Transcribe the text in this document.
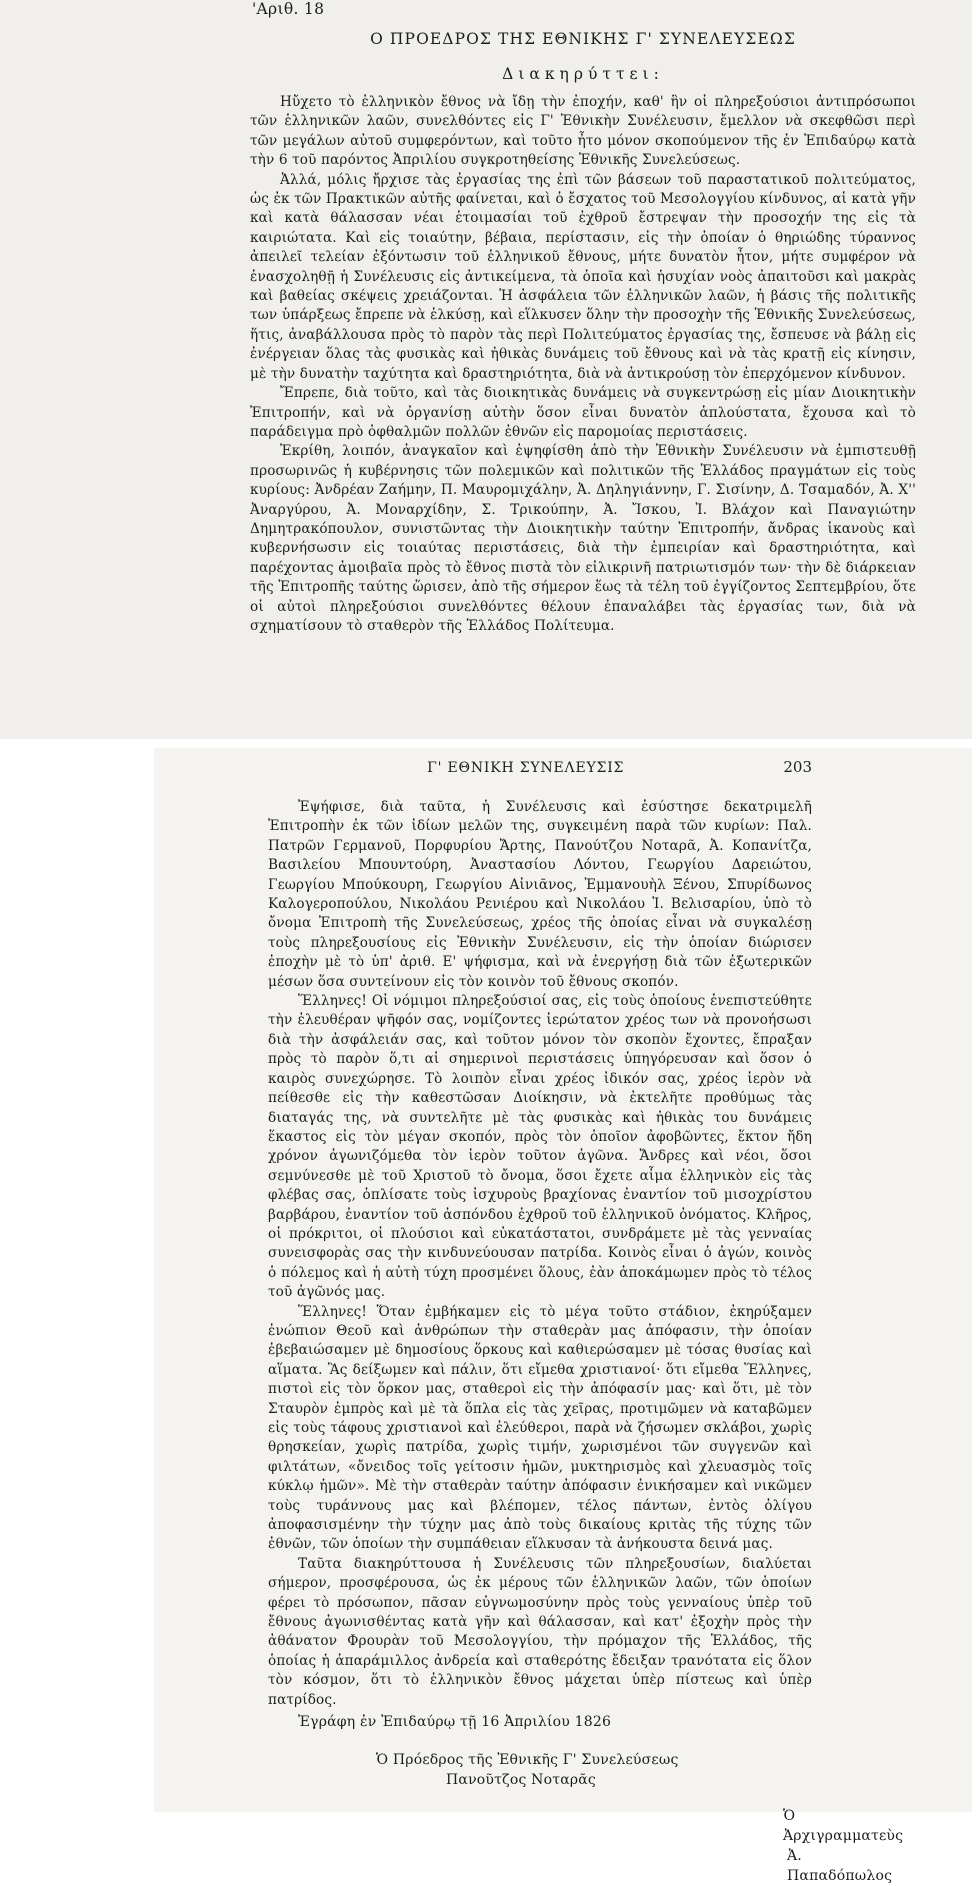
'Αριθ. 18
Ο ΠΡΟΕΔΡΟΣ ΤΗΣ ΕΘΝΙΚΗΣ Γ' ΣΥΝΕΛΕΥΣΕΩΣ
Διακηρύττει:

Ηὔχετο τὸ ἑλληνικὸν ἔθνος νὰ ἴδῃ τὴν ἐποχήν, καθ' ἣν οἱ πληρεξούσιοι ἀντιπρόσωποι τῶν ἑλληνικῶν λαῶν, συνελθόντες εἰς Γ' Ἐθνικὴν Συνέλευσιν, ἔμελλον νὰ σκεφθῶσι περὶ τῶν μεγάλων αὐτοῦ συμφερόντων, καὶ τοῦτο ἦτο μόνον σκοπούμενον τῆς ἐν Ἐπιδαύρῳ κατὰ τὴν 6 τοῦ παρόντος Ἀπριλίου συγκροτηθείσης Ἐθνικῆς Συνελεύσεως.

Ἀλλά, μόλις ἤρχισε τὰς ἐργασίας της ἐπὶ τῶν βάσεων τοῦ παραστατικοῦ πολιτεύματος, ὡς ἐκ τῶν Πρακτικῶν αὐτῆς φαίνεται, καὶ ὁ ἔσχατος τοῦ Μεσολογγίου κίνδυνος, αἱ κατὰ γῆν καὶ κατὰ θάλασσαν νέαι ἑτοιμασίαι τοῦ ἐχθροῦ ἔστρεψαν τὴν προσοχήν της εἰς τὰ καιριώτατα. Καὶ εἰς τοιαύτην, βέβαια, περίστασιν, εἰς τὴν ὁποίαν ὁ θηριώδης τύραννος ἀπειλεῖ τελείαν ἐξόντωσιν τοῦ ἑλληνικοῦ ἔθνους, μήτε δυνατὸν ἦτον, μήτε συμφέρον νὰ ἐνασχοληθῇ ἡ Συνέλευσις εἰς ἀντικείμενα, τὰ ὁποῖα καὶ ἡσυχίαν νοὸς ἀπαιτοῦσι καὶ μακρὰς καὶ βαθείας σκέψεις χρειάζονται. Ἡ ἀσφάλεια τῶν ἑλληνικῶν λαῶν, ἡ βάσις τῆς πολιτικῆς των ὑπάρξεως ἔπρεπε νὰ ἑλκύσῃ, καὶ εἵλκυσεν ὅλην τὴν προσοχὴν τῆς Ἐθνικῆς Συνελεύσεως, ἥτις, ἀναβάλλουσα πρὸς τὸ παρὸν τὰς περὶ Πολιτεύματος ἐργασίας της, ἔσπευσε νὰ βάλῃ εἰς ἐνέργειαν ὅλας τὰς φυσικὰς καὶ ἠθικὰς δυνάμεις τοῦ ἔθνους καὶ νὰ τὰς κρατῇ εἰς κίνησιν, μὲ τὴν δυνατὴν ταχύτητα καὶ δραστηριότητα, διὰ νὰ ἀντικρούσῃ τὸν ἐπερχόμενον κίνδυνον.

Ἔπρεπε, διὰ τοῦτο, καὶ τὰς διοικητικὰς δυνάμεις νὰ συγκεντρώσῃ εἰς μίαν Διοικητικὴν Ἐπιτροπήν, καὶ νὰ ὀργανίσῃ αὐτὴν ὅσον εἶναι δυνατὸν ἁπλούστατα, ἔχουσα καὶ τὸ παράδειγμα πρὸ ὀφθαλμῶν πολλῶν ἐθνῶν εἰς παρομοίας περιστάσεις.

Ἐκρίθη, λοιπόν, ἀναγκαῖον καὶ ἐψηφίσθη ἀπὸ τὴν Ἐθνικὴν Συνέλευσιν νὰ ἐμπιστευθῇ προσωρινῶς ἡ κυβέρνησις τῶν πολεμικῶν καὶ πολιτικῶν τῆς Ἑλλάδος πραγμάτων εἰς τοὺς κυρίους: Ἀνδρέαν Ζαήμην, Π. Μαυρομιχάλην, Ἀ. Δηληγιάννην, Γ. Σισίνην, Δ. Τσαμαδόν, Ἀ. Χ'' Ἀναργύρου, Ἀ. Μοναρχίδην, Σ. Τρικούπην, Ἀ. Ἴσκου, Ἰ. Βλάχον καὶ Παναγιώτην Δημητρακόπουλον, συνιστῶντας τὴν Διοικητικὴν ταύτην Ἐπιτροπήν, ἄνδρας ἱκανοὺς καὶ κυβερνήσωσιν εἰς τοιαύτας περιστάσεις, διὰ τὴν ἐμπειρίαν καὶ δραστηριότητα, καὶ παρέχοντας ἀμοιβαῖα πρὸς τὸ ἔθνος πιστὰ τὸν εἰλικρινῆ πατριωτισμόν των· τὴν δὲ διάρκειαν τῆς Ἐπιτροπῆς ταύτης ὥρισεν, ἀπὸ τῆς σήμερον ἕως τὰ τέλη τοῦ ἐγγίζοντος Σεπτεμβρίου, ὅτε οἱ αὐτοὶ πληρεξούσιοι συνελθόντες θέλουν ἐπαναλάβει τὰς ἐργασίας των, διὰ νὰ σχηματίσουν τὸ σταθερὸν τῆς Ἑλλάδος Πολίτευμα.

Γ' ΕΘΝΙΚΗ ΣΥΝΕΛΕΥΣΙΣ	203

Ἐψήφισε, διὰ ταῦτα, ἡ Συνέλευσις καὶ ἐσύστησε δεκατριμελῆ Ἐπιτροπὴν ἐκ τῶν ἰδίων μελῶν της, συγκειμένη παρὰ τῶν κυρίων: Παλ. Πατρῶν Γερμανοῦ, Πορφυρίου Ἄρτης, Πανούτζου Νοταρᾶ, Ἀ. Κοπανίτζα, Βασιλείου Μπουντούρη, Ἀναστασίου Λόντου, Γεωργίου Δαρειώτου, Γεωργίου Μπούκουρη, Γεωργίου Αἰνιᾶνος, Ἐμμανουὴλ Ξένου, Σπυρίδωνος Καλογεροπούλου, Νικολάου Ρενιέρου καὶ Νικολάου Ἰ. Βελισαρίου, ὑπὸ τὸ ὄνομα Ἐπιτροπὴ τῆς Συνελεύσεως, χρέος τῆς ὁποίας εἶναι νὰ συγκαλέσῃ τοὺς πληρεξουσίους εἰς Ἐθνικὴν Συνέλευσιν, εἰς τὴν ὁποίαν διώρισεν ἐποχὴν μὲ τὸ ὑπ' ἀριθ. Ε' ψήφισμα, καὶ νὰ ἐνεργήσῃ διὰ τῶν ἐξωτερικῶν μέσων ὅσα συντείνουν εἰς τὸν κοινὸν τοῦ ἔθνους σκοπόν.

Ἕλληνες! Οἱ νόμιμοι πληρεξούσιοί σας, εἰς τοὺς ὁποίους ἐνεπιστεύθητε τὴν ἐλευθέραν ψῆφόν σας, νομίζοντες ἱερώτατον χρέος των νὰ προνοήσωσι διὰ τὴν ἀσφάλειάν σας, καὶ τοῦτον μόνον τὸν σκοπὸν ἔχοντες, ἔπραξαν πρὸς τὸ παρὸν ὅ,τι αἱ σημερινοὶ περιστάσεις ὑπηγόρευσαν καὶ ὅσον ὁ καιρὸς συνεχώρησε. Τὸ λοιπὸν εἶναι χρέος ἰδικόν σας, χρέος ἱερὸν νὰ πείθεσθε εἰς τὴν καθεστῶσαν Διοίκησιν, νὰ ἐκτελῆτε προθύμως τὰς διαταγάς της, νὰ συντελῆτε μὲ τὰς φυσικὰς καὶ ἠθικὰς του δυνάμεις ἕκαστος εἰς τὸν μέγαν σκοπόν, πρὸς τὸν ὁποῖον ἀφοβῶντες, ἕκτον ἤδη χρόνον ἀγωνιζόμεθα τὸν ἱερὸν τοῦτον ἀγῶνα. Ἄνδρες καὶ νέοι, ὅσοι σεμνύνεσθε μὲ τοῦ Χριστοῦ τὸ ὄνομα, ὅσοι ἔχετε αἷμα ἑλληνικὸν εἰς τὰς φλέβας σας, ὁπλίσατε τοὺς ἰσχυροὺς βραχίονας ἐναντίον τοῦ μισοχρίστου βαρβάρου, ἐναντίον τοῦ ἀσπόνδου ἐχθροῦ τοῦ ἑλληνικοῦ ὀνόματος. Κλῆρος, οἱ πρόκριτοι, οἱ πλούσιοι καὶ εὐκατάστατοι, συνδράμετε μὲ τὰς γενναίας συνεισφορὰς σας τὴν κινδυνεύουσαν πατρίδα. Κοινὸς εἶναι ὁ ἀγών, κοινὸς ὁ πόλεμος καὶ ἡ αὐτὴ τύχη προσμένει ὅλους, ἐὰν ἀποκάμωμεν πρὸς τὸ τέλος τοῦ ἀγῶνός μας.

Ἕλληνες! Ὅταν ἐμβήκαμεν εἰς τὸ μέγα τοῦτο στάδιον, ἐκηρύξαμεν ἐνώπιον Θεοῦ καὶ ἀνθρώπων τὴν σταθερὰν μας ἀπόφασιν, τὴν ὁποίαν ἐβεβαιώσαμεν μὲ δημοσίους ὅρκους καὶ καθιερώσαμεν μὲ τόσας θυσίας καὶ αἵματα. Ἂς δείξωμεν καὶ πάλιν, ὅτι εἴμεθα χριστιανοί· ὅτι εἴμεθα Ἕλληνες, πιστοὶ εἰς τὸν ὅρκον μας, σταθεροὶ εἰς τὴν ἀπόφασίν μας· καὶ ὅτι, μὲ τὸν Σταυρὸν ἐμπρὸς καὶ μὲ τὰ ὅπλα εἰς τὰς χεῖρας, προτιμῶμεν νὰ καταβῶμεν εἰς τοὺς τάφους χριστιανοὶ καὶ ἐλεύθεροι, παρὰ νὰ ζήσωμεν σκλάβοι, χωρὶς θρησκείαν, χωρὶς πατρίδα, χωρὶς τιμήν, χωρισμένοι τῶν συγγενῶν καὶ φιλτάτων, «ὄνειδος τοῖς γείτοσιν ἡμῶν, μυκτηρισμὸς καὶ χλευασμὸς τοῖς κύκλῳ ἡμῶν». Μὲ τὴν σταθερὰν ταύτην ἀπόφασιν ἐνικήσαμεν καὶ νικῶμεν τοὺς τυράννους μας καὶ βλέπομεν, τέλος πάντων, ἐντὸς ὀλίγου ἀποφασισμένην τὴν τύχην μας ἀπὸ τοὺς δικαίους κριτὰς τῆς τύχης τῶν ἐθνῶν, τῶν ὁποίων τὴν συμπάθειαν εἵλκυσαν τὰ ἀνήκουστα δεινά μας.

Ταῦτα διακηρύττουσα ἡ Συνέλευσις τῶν πληρεξουσίων, διαλύεται σήμερον, προσφέρουσα, ὡς ἐκ μέρους τῶν ἑλληνικῶν λαῶν, τῶν ὁποίων φέρει τὸ πρόσωπον, πᾶσαν εὐγνωμοσύνην πρὸς τοὺς γενναίους ὑπὲρ τοῦ ἔθνους ἀγωνισθέντας κατὰ γῆν καὶ θάλασσαν, καὶ κατ' ἐξοχὴν πρὸς τὴν ἀθάνατον Φρουρὰν τοῦ Μεσολογγίου, τὴν πρόμαχον τῆς Ἑλλάδος, τῆς ὁποίας ἡ ἀπαράμιλλος ἀνδρεία καὶ σταθερότης ἔδειξαν τρανότατα εἰς ὅλον τὸν κόσμον, ὅτι τὸ ἑλληνικὸν ἔθνος μάχεται ὑπὲρ πίστεως καὶ ὑπὲρ πατρίδος.

Ἐγράφη ἐν Ἐπιδαύρῳ τῇ 16 Ἀπριλίου 1826
Ὁ Πρόεδρος τῆς Ἐθνικῆς Γ' Συνελεύσεως
Πανοῦτζος Νοταρᾶς
Ὁ Ἀρχιγραμματεὺς
Ἀ. Παπαδόπωλος
